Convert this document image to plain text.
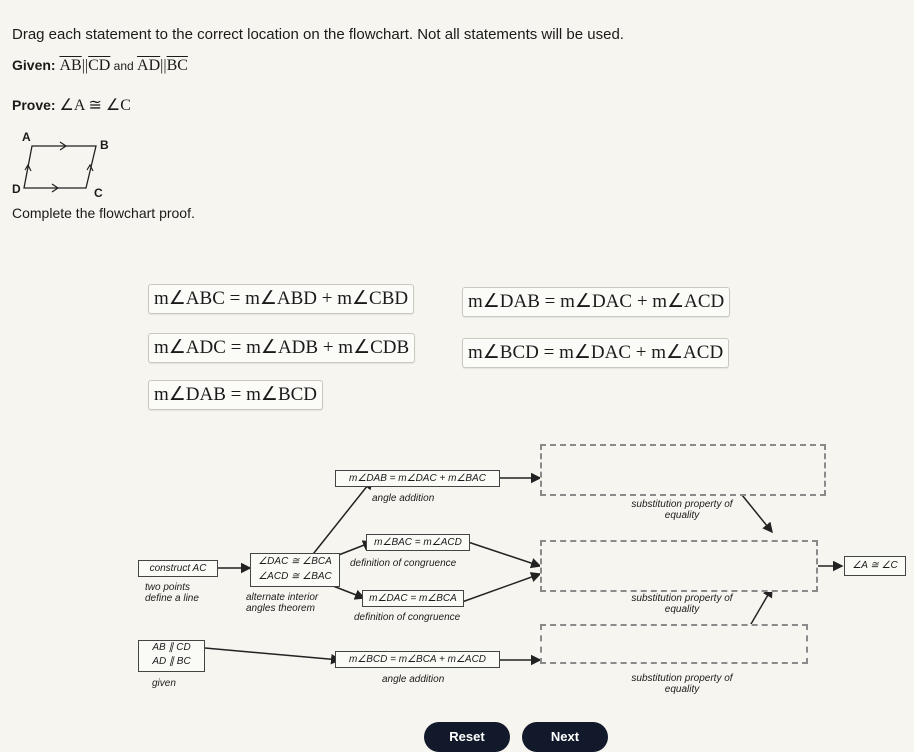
Drag each statement to the correct location on the flowchart. Not all statements will be used.
Given: $\overline{AB}||\overline{CD}$ and $\overline{AD}||\overline{BC}$
Prove: ∠A ≅ ∠C
A
B
D	C
Complete the flowchart proof.
m∠ABC = m∠ABD + m∠CBD	m∠DAB = m∠DAC + m∠ACD
m∠ADC = m∠ADB + m∠CDB	m∠BCD = m∠DAC + m∠ACD
m∠DAB = m∠BCD
construct AC
two points define a line
AB ∥ CD
AD ∥ BC
given
∠DAC ≅ ∠BCA
∠ACD ≅ ∠BAC
alternate interior angles theorem
m∠DAB = m∠DAC + m∠BAC
angle addition
m∠BAC = m∠ACD
definition of congruence
m∠DAC = m∠BCA
definition of congruence
m∠BCD = m∠BCA + m∠ACD
angle addition
substitution property of equality
substitution property of equality
substitution property of equality
∠A ≅ ∠C
Reset	Next
